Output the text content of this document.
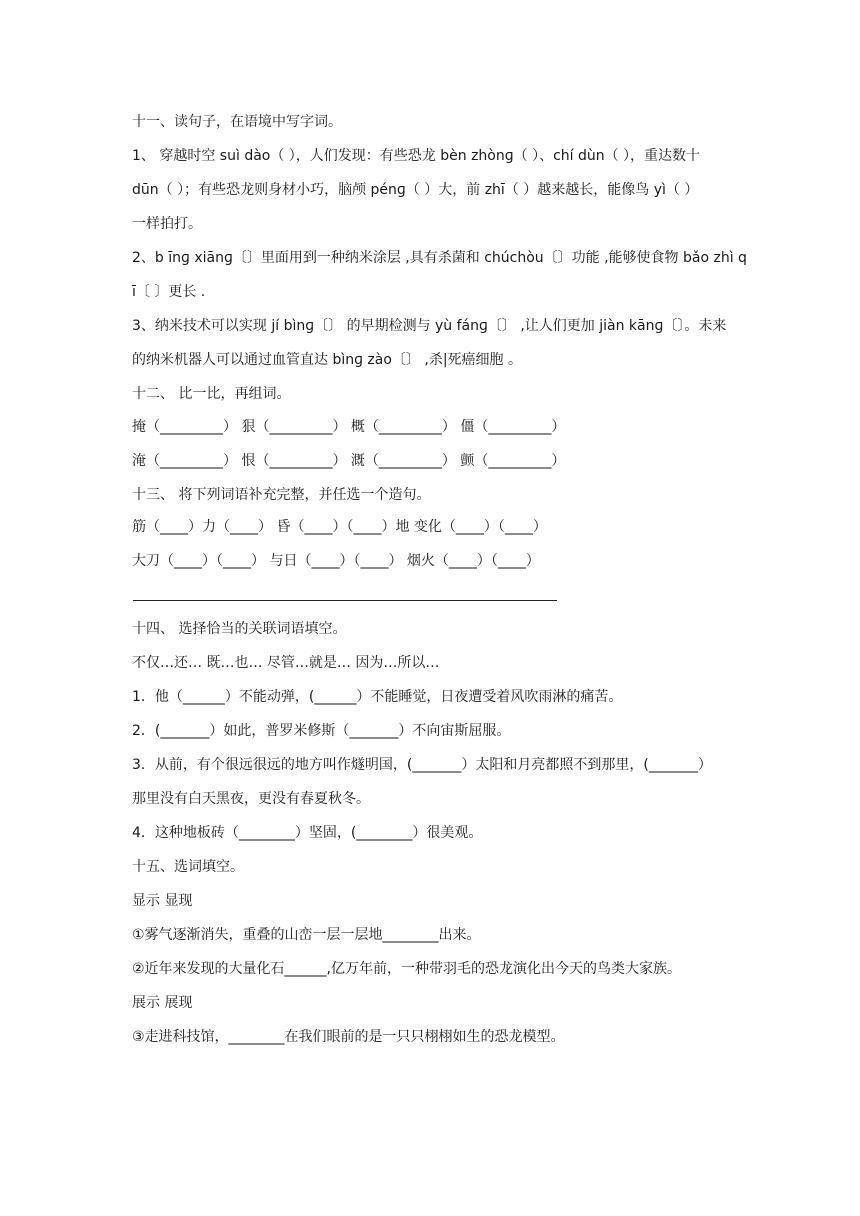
十一、读句子，在语境中写字词。
1、 穿越时空 suì dào（ ），人们发现：有些恐龙 bèn zhònɡ（ ）、chí dùn（ ），重达数十
dūn（ ）；有些恐龙则身材小巧，脑颅 pénɡ（ ）大，前 zhī（ ）越来越长，能像鸟 yì（ ）
一样拍打。
2、b īnɡ xiānɡ〔〕里面用到一种纳米涂层 ,具有杀菌和 chúchòu〔〕功能 ,能够使食物 bǎo zhì q
ī〔 〕更长 .
3、纳米技术可以实现 jí bìnɡ〔〕 的早期检测与 yù fánɡ〔〕 ,让人们更加 jiàn kānɡ〔〕。未来
的纳米机器人可以通过血管直达 bìnɡ zào〔〕 ,杀|死癌细胞 。
十二、 比一比，再组词。
掩（_________） 狠（_________） 概（_________） 僵（_________）
淹（_________） 恨（_________） 溉（_________） 颤（_________）
十三、 将下列词语补充完整，并任选一个造句。
筋（____）力（____） 昏（____）（____）地 变化（____）（____）
大刀（____）（____） 与日（____）（____） 烟火（____）（____）
十四、 选择恰当的关联词语填空。
不仅…还… 既…也… 尽管…就是… 因为…所以…
1．他（______）不能动弹，(______）不能睡觉，日夜遭受着风吹雨淋的痛苦。
2．(_______）如此，普罗米修斯（_______）不向宙斯屈服。
3．从前，有个很远很远的地方叫作燧明国，(_______）太阳和月亮都照不到那里，(_______）
那里没有白天黑夜，更没有春夏秋冬。
4．这种地板砖（________）坚固，(________）很美观。
十五、选词填空。
显示 显现
①雾气逐渐消失，重叠的山峦一层一层地________出来。
②近年来发现的大量化石______,亿万年前，一种带羽毛的恐龙演化出今天的鸟类大家族。
展示 展现
③走进科技馆，________在我们眼前的是一只只栩栩如生的恐龙模型。
